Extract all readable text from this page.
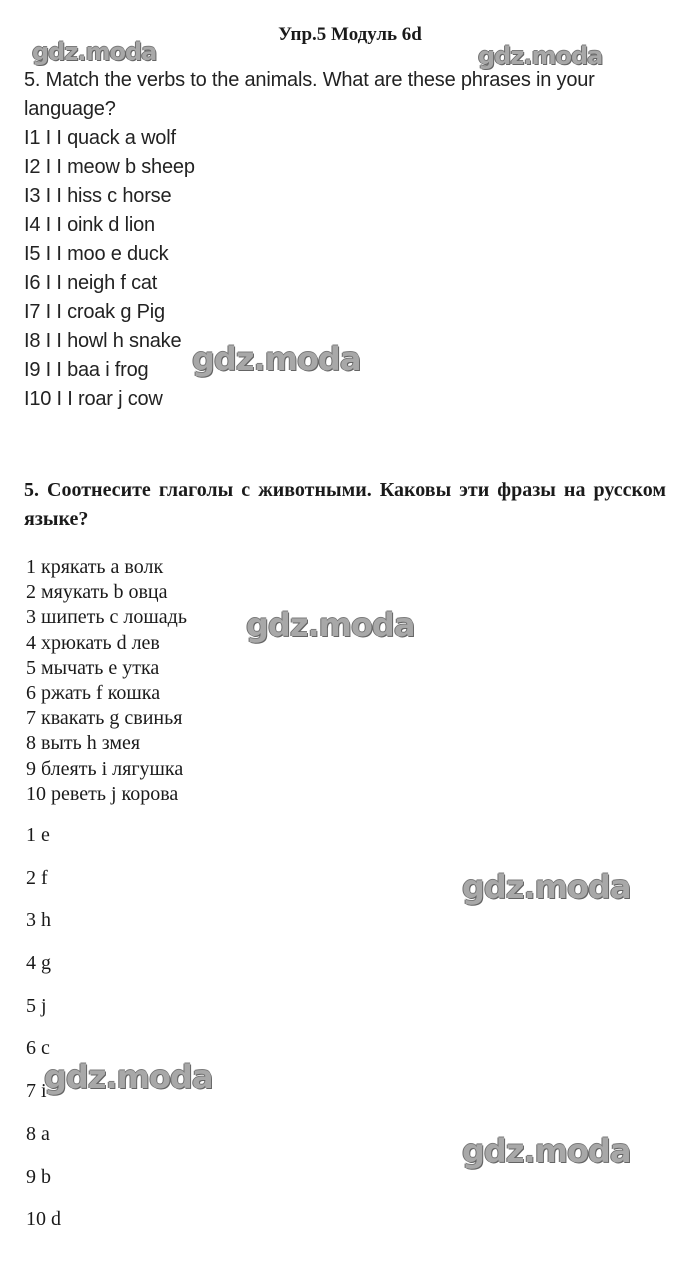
Упр.5 Модуль 6d
5. Match the verbs to the animals. What are these phrases in your language?
I1 I I quack a wolf
I2 I I meow b sheep
I3 I I hiss c horse
I4 I I oink d lion
I5 I I moo e duck
I6 I I neigh f cat
I7 I I croak g Pig
I8 I I howl h snake
I9 I I baa i frog
I10 I I roar j cow
5. Соотнесите глаголы с животными. Каковы эти фразы на русском языке?
1 крякать a волк
2 мяукать b овца
3 шипеть c лошадь
4 хрюкать d лев
5 мычать e утка
6 ржать f кошка
7 квакать g свинья
8 выть h змея
9 блеять i лягушка
10 реветь j корова
1 e
2 f
3 h
4 g
5 j
6 c
7 i
8 a
9 b
10 d
gdz.moda	gdz.moda
gdz.moda
gdz.moda
gdz.moda
gdz.moda
gdz.moda
